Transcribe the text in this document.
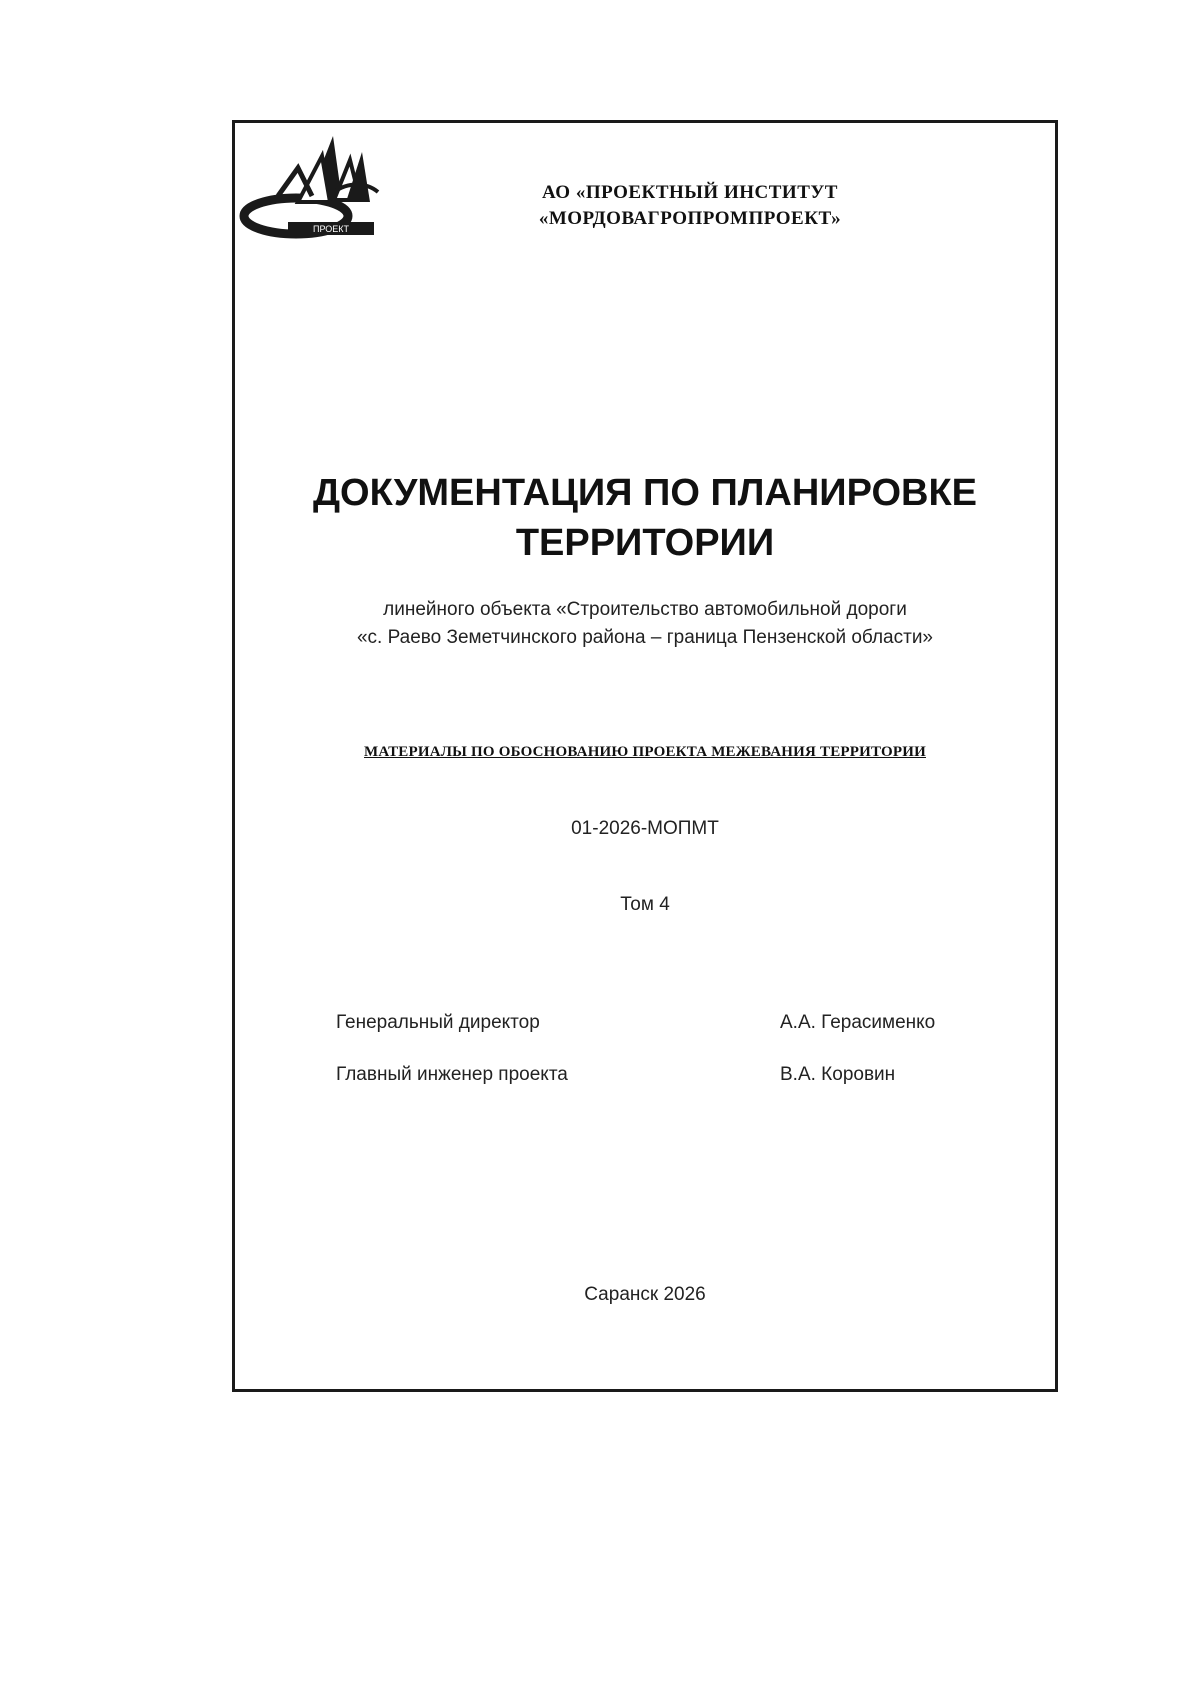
ПРОЕКТ
АО «ПРОЕКТНЫЙ ИНСТИТУТ
«МОРДОВАГРОПРОМПРОЕКТ»
ДОКУМЕНТАЦИЯ ПО ПЛАНИРОВКЕ
ТЕРРИТОРИИ
линейного объекта «Строительство автомобильной дороги
«с. Раево Земетчинского района – граница Пензенской области»
МАТЕРИАЛЫ ПО ОБОСНОВАНИЮ ПРОЕКТА МЕЖЕВАНИЯ ТЕРРИТОРИИ
01-2026-МОПМТ
Том 4
Генеральный директор	А.А. Герасименко
Главный инженер проекта	В.А. Коровин
Саранск 2026
